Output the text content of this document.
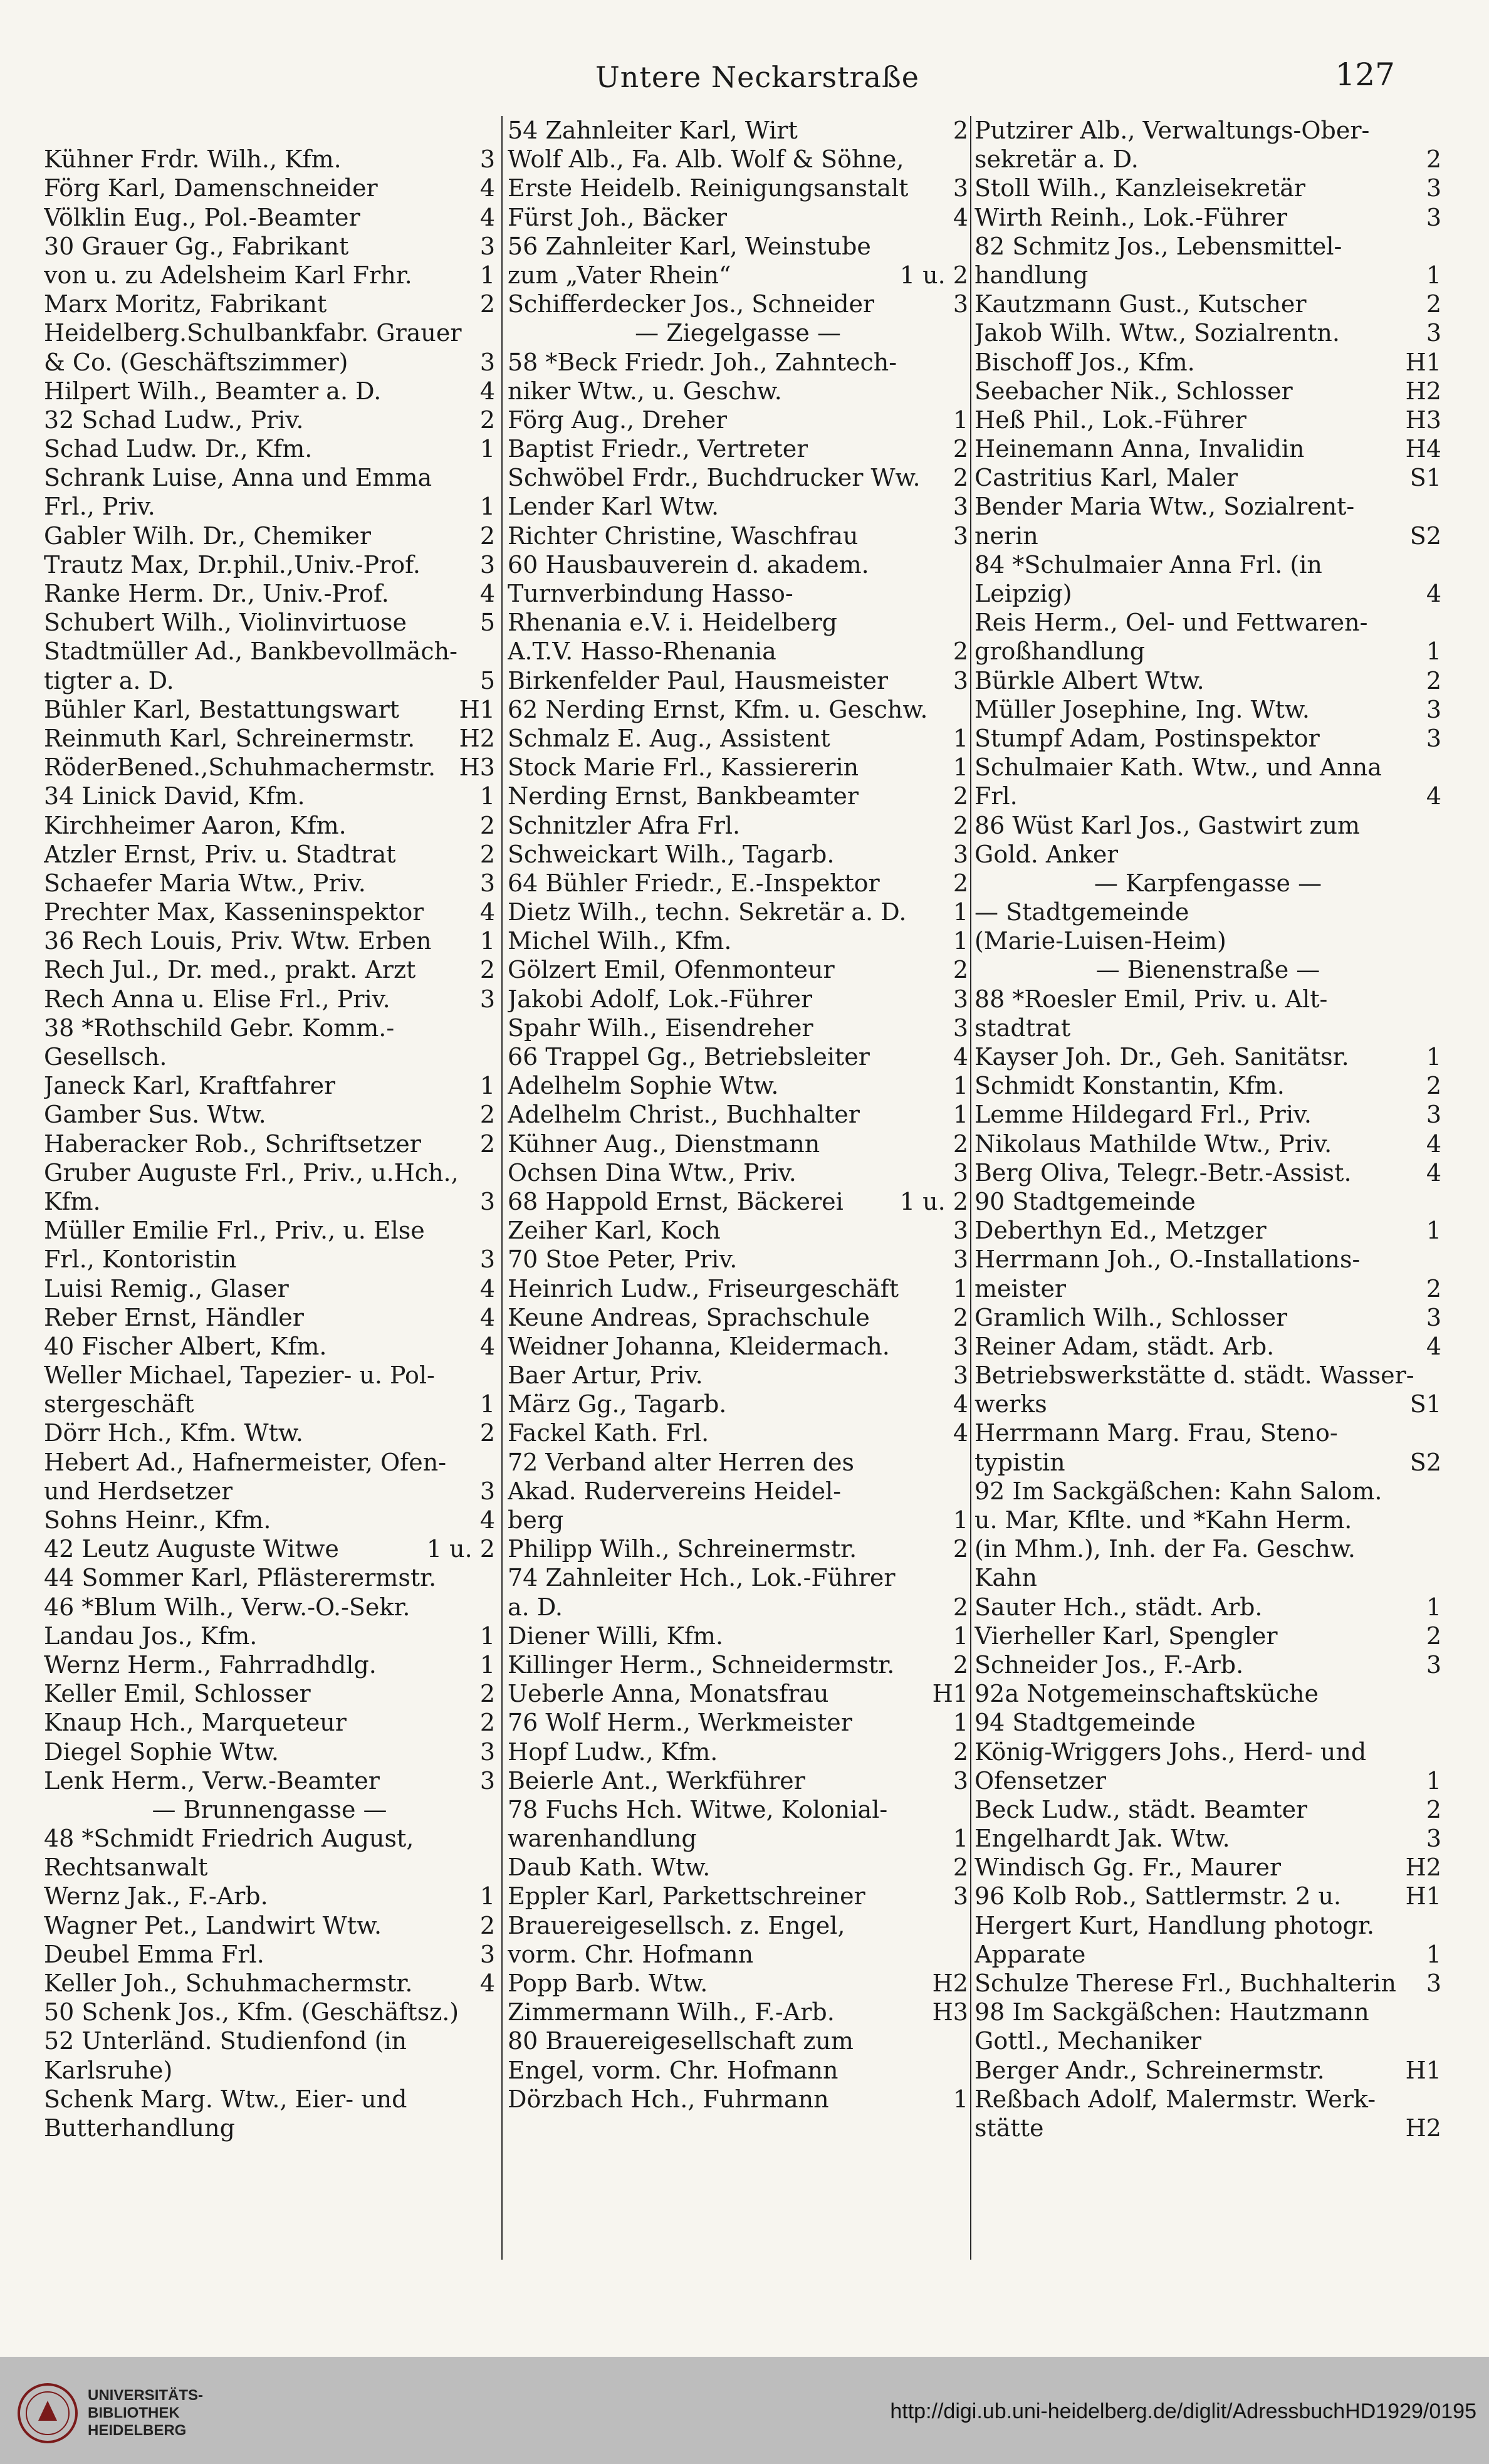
Untere Neckarstraße	127
Kühner Frdr. Wilh., Kfm.	3
Förg Karl, Damenschneider	4
Völklin Eug., Pol.-Beamter	4
30 Grauer Gg., Fabrikant	3
von u. zu Adelsheim Karl Frhr.	1
Marx Moritz, Fabrikant	2
Heidelberg.Schulbankfabr. Grauer
& Co. (Geschäftszimmer)	3
Hilpert Wilh., Beamter a. D.	4
32 Schad Ludw., Priv.	2
Schad Ludw. Dr., Kfm.	1
Schrank Luise, Anna und Emma
Frl., Priv.	1
Gabler Wilh. Dr., Chemiker	2
Trautz Max, Dr.phil.,Univ.-Prof. 3
Ranke Herm. Dr., Univ.-Prof.	4
Schubert Wilh., Violinvirtuose	5
Stadtmüller Ad., Bankbevollmäch-
tigter a. D.	5
Bühler Karl, Bestattungswart	H1
Reinmuth Karl, Schreinermstr. H2
RöderBened.,Schuhmachermstr. H3
34 Linick David, Kfm.	1
Kirchheimer Aaron, Kfm.	2
Atzler Ernst, Priv. u. Stadtrat	2
Schaefer Maria Wtw., Priv.	3
Prechter Max, Kasseninspektor 4
36 Rech Louis, Priv. Wtw. Erben 1
Rech Jul., Dr. med., prakt. Arzt	2
Rech Anna u. Elise Frl., Priv.	3
38 *Rothschild Gebr. Komm.-
Gesellsch.
Janeck Karl, Kraftfahrer	1
Gamber Sus. Wtw.	2
Haberacker Rob., Schriftsetzer 2
Gruber Auguste Frl., Priv., u.Hch.,
Kfm.	3
Müller Emilie Frl., Priv., u. Else
Frl., Kontoristin	3
Luisi Remig., Glaser	4
Reber Ernst, Händler	4
40 Fischer Albert, Kfm.	4
Weller Michael, Tapezier- u. Pol-
stergeschäft	1
Dörr Hch., Kfm. Wtw.	2
Hebert Ad., Hafnermeister, Ofen-
und Herdsetzer	3
Sohns Heinr., Kfm.	4
42 Leutz Auguste Witwe	1 u. 2
44 Sommer Karl, Pflästerermstr.
46 *Blum Wilh., Verw.-O.-Sekr.
Landau Jos., Kfm.	1
Wernz Herm., Fahrradhdlg.	1
Keller Emil, Schlosser	2
Knaup Hch., Marqueteur	2
Diegel Sophie Wtw.	3
Lenk Herm., Verw.-Beamter	3
— Brunnengasse —
48 *Schmidt Friedrich August,
Rechtsanwalt
Wernz Jak., F.-Arb.	1
Wagner Pet., Landwirt Wtw.	2
Deubel Emma Frl.	3
Keller Joh., Schuhmachermstr.	4
50 Schenk Jos., Kfm. (Geschäftsz.)
52 Unterländ. Studienfond (in
Karlsruhe)
Schenk Marg. Wtw., Eier- und
Butterhandlung
54 Zahnleiter Karl, Wirt	2
Wolf Alb., Fa. Alb. Wolf & Söhne,
Erste Heidelb. Reinigungsanstalt 3
Fürst Joh., Bäcker	4
56 Zahnleiter Karl, Weinstube
zum „Vater Rhein“	1 u. 2
Schifferdecker Jos., Schneider	3
— Ziegelgasse —
58 *Beck Friedr. Joh., Zahntech-
niker Wtw., u. Geschw.
Förg Aug., Dreher	1
Baptist Friedr., Vertreter	2
Schwöbel Frdr., Buchdrucker Ww. 2
Lender Karl Wtw.	3
Richter Christine, Waschfrau	3
60 Hausbauverein d. akadem.
Turnverbindung Hasso-
Rhenania e.V. i. Heidelberg
A.T.V. Hasso-Rhenania	2
Birkenfelder Paul, Hausmeister	3
62 Nerding Ernst, Kfm. u. Geschw.
Schmalz E. Aug., Assistent	1
Stock Marie Frl., Kassiererin	1
Nerding Ernst, Bankbeamter	2
Schnitzler Afra Frl.	2
Schweickart Wilh., Tagarb.	3
64 Bühler Friedr., E.-Inspektor	2
Dietz Wilh., techn. Sekretär a. D. 1
Michel Wilh., Kfm.	1
Gölzert Emil, Ofenmonteur	2
Jakobi Adolf, Lok.-Führer	3
Spahr Wilh., Eisendreher	3
66 Trappel Gg., Betriebsleiter	4
Adelhelm Sophie Wtw.	1
Adelhelm Christ., Buchhalter	1
Kühner Aug., Dienstmann	2
Ochsen Dina Wtw., Priv.	3
68 Happold Ernst, Bäckerei 1 u. 2
Zeiher Karl, Koch	3
70 Stoe Peter, Priv.	3
Heinrich Ludw., Friseurgeschäft 1
Keune Andreas, Sprachschule	2
Weidner Johanna, Kleidermach.	3
Baer Artur, Priv.	3
März Gg., Tagarb.	4
Fackel Kath. Frl.	4
72 Verband alter Herren des
Akad. Rudervereins Heidel-
berg	1
Philipp Wilh., Schreinermstr.	2
74 Zahnleiter Hch., Lok.-Führer
a. D.	2
Diener Willi, Kfm.	1
Killinger Herm., Schneidermstr. 2
Ueberle Anna, Monatsfrau	H1
76 Wolf Herm., Werkmeister	1
Hopf Ludw., Kfm.	2
Beierle Ant., Werkführer	3
78 Fuchs Hch. Witwe, Kolonial-
warenhandlung	1
Daub Kath. Wtw.	2
Eppler Karl, Parkettschreiner	3
Brauereigesellsch. z. Engel,
vorm. Chr. Hofmann
Popp Barb. Wtw.	H2
Zimmermann Wilh., F.-Arb.	H3
80 Brauereigesellschaft zum
Engel, vorm. Chr. Hofmann
Dörzbach Hch., Fuhrmann	1
Putzirer Alb., Verwaltungs-Ober-
sekretär a. D.	2
Stoll Wilh., Kanzleisekretär	3
Wirth Reinh., Lok.-Führer	3
82 Schmitz Jos., Lebensmittel-
handlung	1
Kautzmann Gust., Kutscher	2
Jakob Wilh. Wtw., Sozialrentn.	3
Bischoff Jos., Kfm.	H1
Seebacher Nik., Schlosser	H2
Heß Phil., Lok.-Führer	H3
Heinemann Anna, Invalidin	H4
Castritius Karl, Maler	S1
Bender Maria Wtw., Sozialrent-
nerin	S2
84 *Schulmaier Anna Frl. (in
Leipzig)	4
Reis Herm., Oel- und Fettwaren-
großhandlung	1
Bürkle Albert Wtw.	2
Müller Josephine, Ing. Wtw.	3
Stumpf Adam, Postinspektor	3
Schulmaier Kath. Wtw., und Anna
Frl.	4
86 Wüst Karl Jos., Gastwirt zum
Gold. Anker
— Karpfengasse —
— Stadtgemeinde
(Marie-Luisen-Heim)
— Bienenstraße —
88 *Roesler Emil, Priv. u. Alt-
stadtrat
Kayser Joh. Dr., Geh. Sanitätsr.	1
Schmidt Konstantin, Kfm.	2
Lemme Hildegard Frl., Priv.	3
Nikolaus Mathilde Wtw., Priv.	4
Berg Oliva, Telegr.-Betr.-Assist.	4
90 Stadtgemeinde
Deberthyn Ed., Metzger	1
Herrmann Joh., O.-Installations-
meister	2
Gramlich Wilh., Schlosser	3
Reiner Adam, städt. Arb.	4
Betriebswerkstätte d. städt. Wasser-
werks	S1
Herrmann Marg. Frau, Steno-
typistin	S2
92 Im Sackgäßchen: Kahn Salom.
u. Mar, Kflte. und *Kahn Herm.
(in Mhm.), Inh. der Fa. Geschw.
Kahn
Sauter Hch., städt. Arb.	1
Vierheller Karl, Spengler	2
Schneider Jos., F.-Arb.	3
92a Notgemeinschaftsküche
94 Stadtgemeinde
König-Wriggers Johs., Herd- und
Ofensetzer	1
Beck Ludw., städt. Beamter	2
Engelhardt Jak. Wtw.	3
Windisch Gg. Fr., Maurer	H2
96 Kolb Rob., Sattlermstr. 2 u.	H1
Hergert Kurt, Handlung photogr.
Apparate	1
Schulze Therese Frl., Buchhalterin 3
98 Im Sackgäßchen: Hautzmann
Gottl., Mechaniker
Berger Andr., Schreinermstr.	H1
Reßbach Adolf, Malermstr. Werk-
stätte	H2
UNIVERSITÄTS-
BIBLIOTHEK
HEIDELBERG
http://digi.ub.uni-heidelberg.de/diglit/AdressbuchHD1929/0195
